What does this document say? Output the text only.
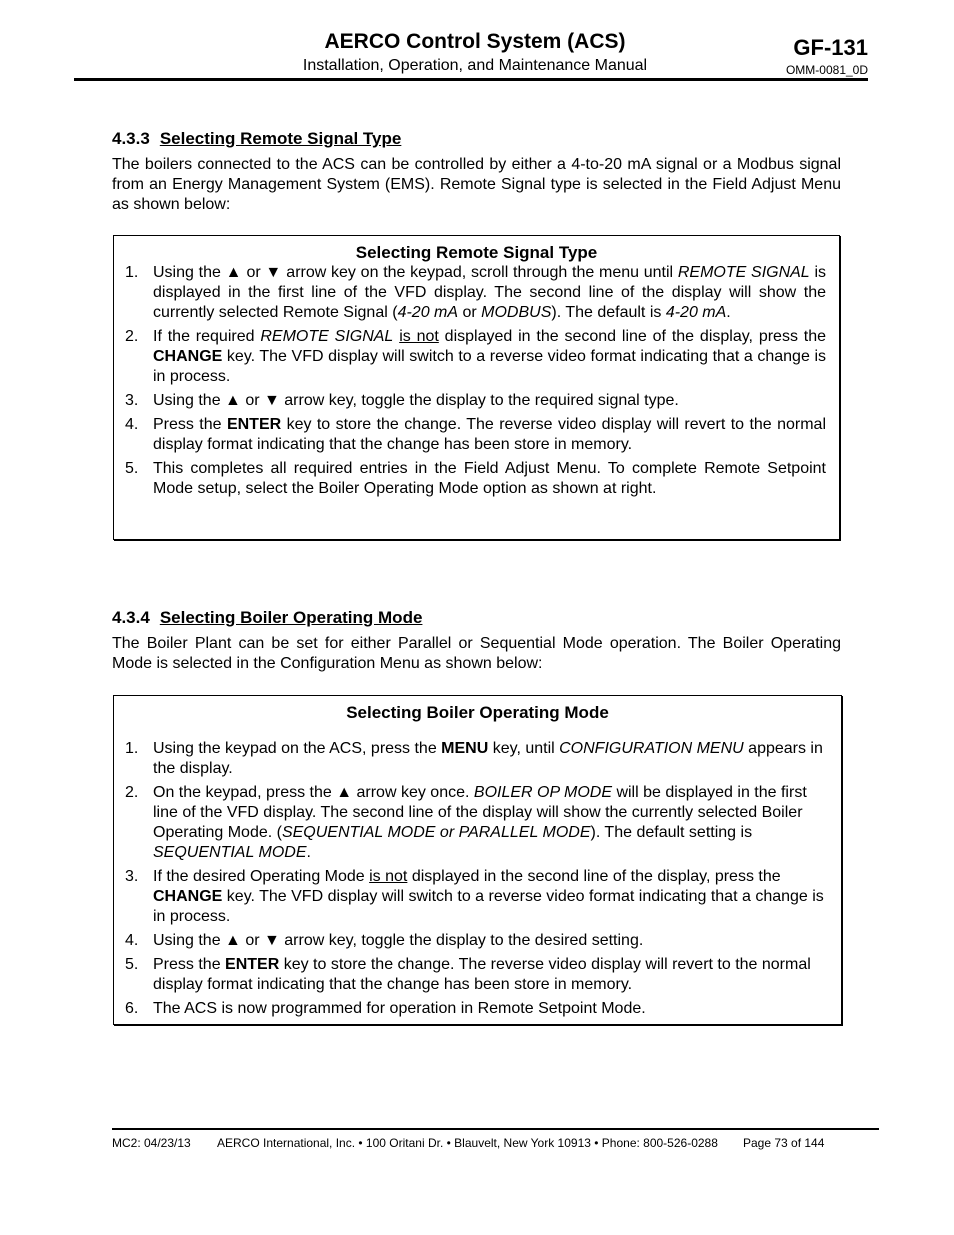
AERCO Control System (ACS)
Installation, Operation, and Maintenance Manual
GF-131
OMM-0081_0D
4.3.3 Selecting Remote Signal Type
The boilers connected to the ACS can be controlled by either a 4-to-20 mA signal or a Modbus signal from an Energy Management System (EMS). Remote Signal type is selected in the Field Adjust Menu as shown below:
Selecting Remote Signal Type
1. Using the ▲ or ▼ arrow key on the keypad, scroll through the menu until REMOTE SIGNAL is displayed in the first line of the VFD display. The second line of the display will show the currently selected Remote Signal (4-20 mA or MODBUS). The default is 4-20 mA.
2. If the required REMOTE SIGNAL is not displayed in the second line of the display, press the CHANGE key. The VFD display will switch to a reverse video format indicating that a change is in process.
3. Using the ▲ or ▼ arrow key, toggle the display to the required signal type.
4. Press the ENTER key to store the change. The reverse video display will revert to the normal display format indicating that the change has been store in memory.
5. This completes all required entries in the Field Adjust Menu. To complete Remote Setpoint Mode setup, select the Boiler Operating Mode option as shown at right.
4.3.4 Selecting Boiler Operating Mode
The Boiler Plant can be set for either Parallel or Sequential Mode operation. The Boiler Operating Mode is selected in the Configuration Menu as shown below:
Selecting Boiler Operating Mode
1. Using the keypad on the ACS, press the MENU key, until CONFIGURATION MENU appears in the display.
2. On the keypad, press the ▲ arrow key once. BOILER OP MODE will be displayed in the first line of the VFD display. The second line of the display will show the currently selected Boiler Operating Mode. (SEQUENTIAL MODE or PARALLEL MODE). The default setting is SEQUENTIAL MODE.
3. If the desired Operating Mode is not displayed in the second line of the display, press the CHANGE key. The VFD display will switch to a reverse video format indicating that a change is in process.
4. Using the ▲ or ▼ arrow key, toggle the display to the desired setting.
5. Press the ENTER key to store the change. The reverse video display will revert to the normal display format indicating that the change has been store in memory.
6. The ACS is now programmed for operation in Remote Setpoint Mode.
MC2: 04/23/13 AERCO International, Inc. • 100 Oritani Dr. • Blauvelt, New York 10913 • Phone: 800-526-0288 Page 73 of 144
